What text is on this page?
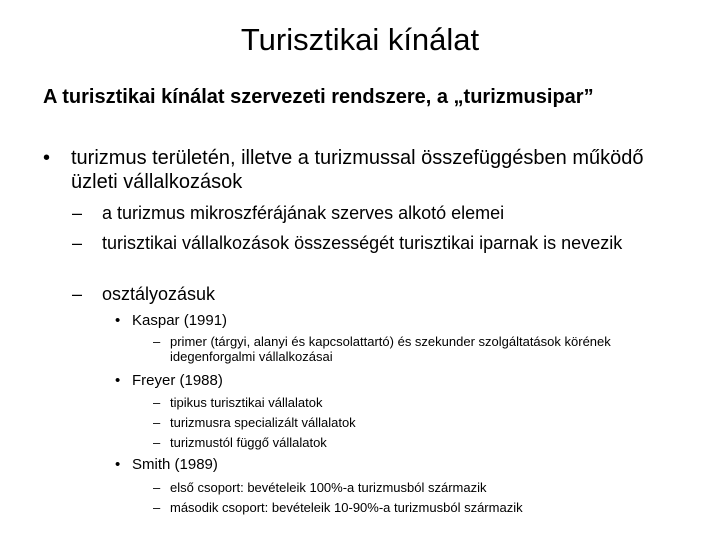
Turisztikai kínálat
A turisztikai kínálat szervezeti rendszere, a „turizmusipar”
•	turizmus területén, illetve a turizmussal összefüggésben működő üzleti vállalkozások
–	a turizmus mikroszférájának szerves alkotó elemei
–	turisztikai vállalkozások összességét turisztikai iparnak is nevezik
–	osztályozásuk
• Kaspar (1991)
– primer (tárgyi, alanyi és kapcsolattartó) és szekunder szolgáltatások körének idegenforgalmi vállalkozásai
• Freyer (1988)
– tipikus turisztikai vállalatok
– turizmusra specializált vállalatok
– turizmustól függő vállalatok
• Smith (1989)
– első csoport: bevételeik 100%-a turizmusból származik
– második csoport: bevételeik 10-90%-a turizmusból származik
